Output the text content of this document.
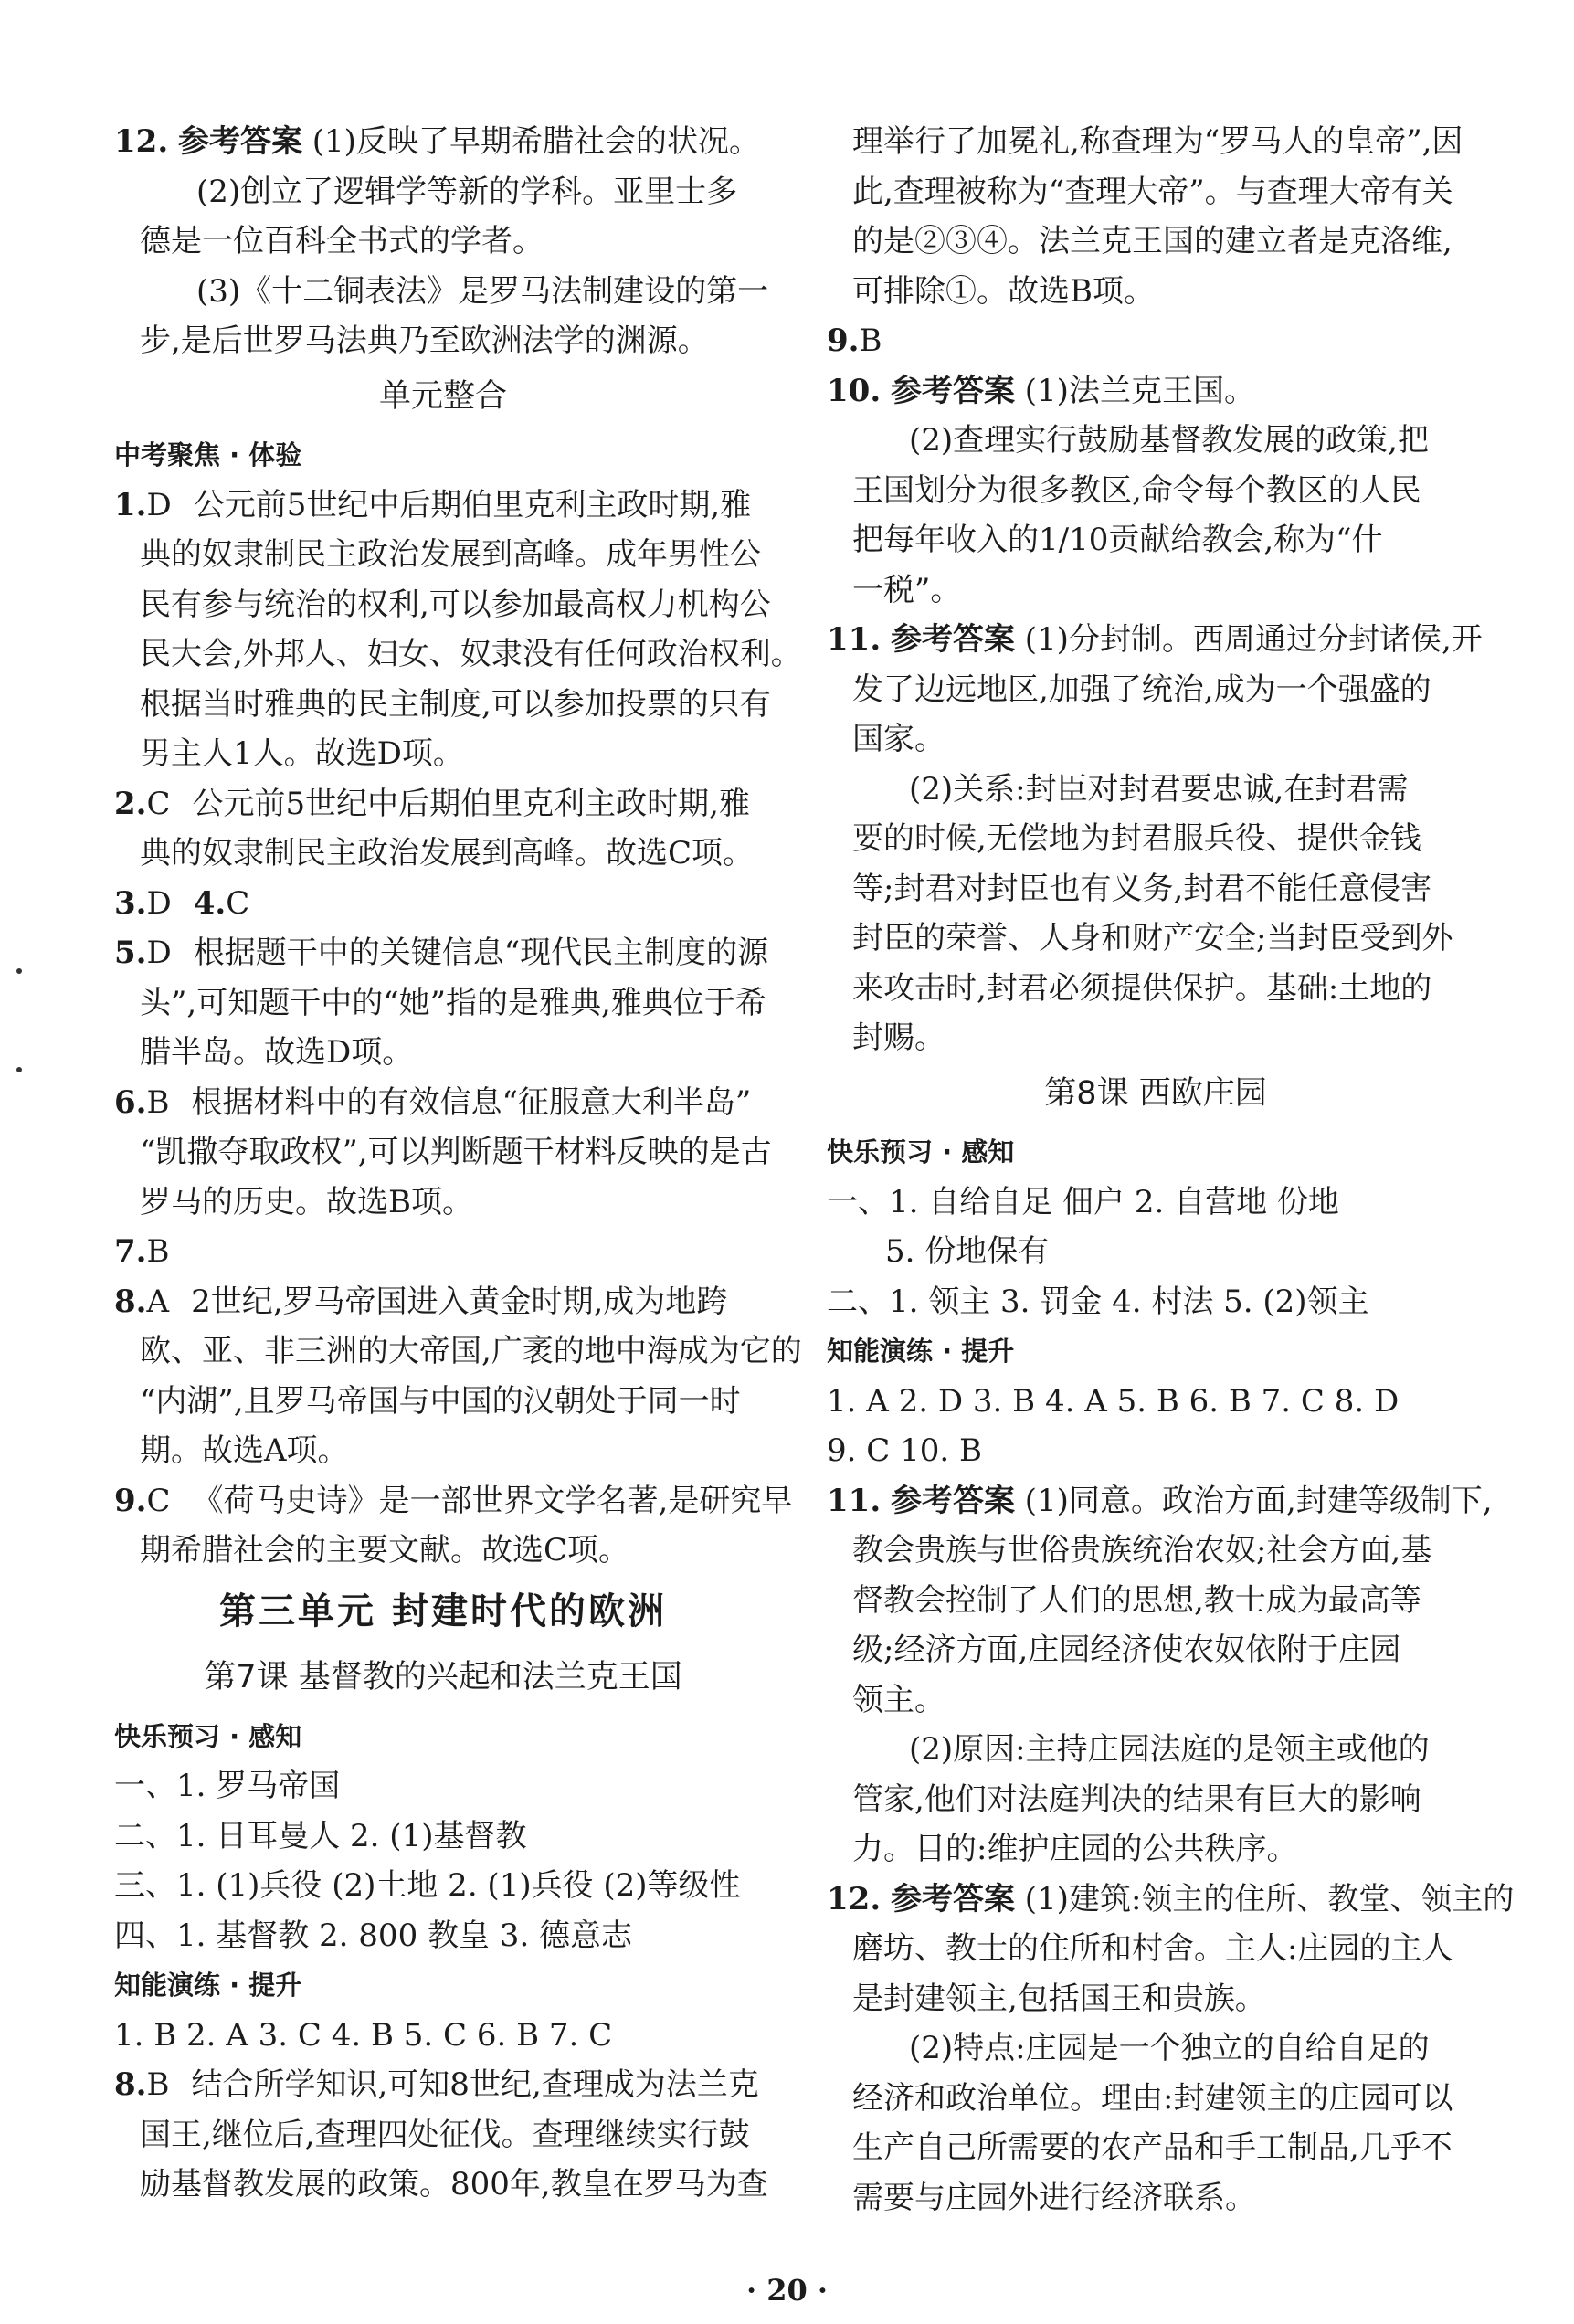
12. 参考答案 (1)反映了早期希腊社会的状况。
(2)创立了逻辑学等新的学科。亚里士多
德是一位百科全书式的学者。
(3)《十二铜表法》是罗马法制建设的第一
步,是后世罗马法典乃至欧洲法学的渊源。
单元整合
中考聚焦 · 体验
1.D 公元前5世纪中后期伯里克利主政时期,雅
典的奴隶制民主政治发展到高峰。成年男性公
民有参与统治的权利,可以参加最高权力机构公
民大会,外邦人、妇女、奴隶没有任何政治权利。
根据当时雅典的民主制度,可以参加投票的只有
男主人1人。故选D项。
2.C 公元前5世纪中后期伯里克利主政时期,雅
典的奴隶制民主政治发展到高峰。故选C项。
3.D 4.C
5.D 根据题干中的关键信息“现代民主制度的源
头”,可知题干中的“她”指的是雅典,雅典位于希
腊半岛。故选D项。
6.B 根据材料中的有效信息“征服意大利半岛”
“凯撒夺取政权”,可以判断题干材料反映的是古
罗马的历史。故选B项。
7.B
8.A 2世纪,罗马帝国进入黄金时期,成为地跨
欧、亚、非三洲的大帝国,广袤的地中海成为它的
“内湖”,且罗马帝国与中国的汉朝处于同一时
期。故选A项。
9.C 《荷马史诗》是一部世界文学名著,是研究早
期希腊社会的主要文献。故选C项。
第三单元 封建时代的欧洲
第7课 基督教的兴起和法兰克王国
快乐预习 · 感知
一、1. 罗马帝国
二、1. 日耳曼人 2. (1)基督教
三、1. (1)兵役 (2)土地 2. (1)兵役 (2)等级性
四、1. 基督教 2. 800 教皇 3. 德意志
知能演练 · 提升
1. B 2. A 3. C 4. B 5. C 6. B 7. C
8.B 结合所学知识,可知8世纪,查理成为法兰克
国王,继位后,查理四处征伐。查理继续实行鼓
励基督教发展的政策。800年,教皇在罗马为查
理举行了加冕礼,称查理为“罗马人的皇帝”,因
此,查理被称为“查理大帝”。与查理大帝有关
的是②③④。法兰克王国的建立者是克洛维,
可排除①。故选B项。
9.B
10. 参考答案 (1)法兰克王国。
(2)查理实行鼓励基督教发展的政策,把
王国划分为很多教区,命令每个教区的人民
把每年收入的1/10贡献给教会,称为“什
一税”。
11. 参考答案 (1)分封制。西周通过分封诸侯,开
发了边远地区,加强了统治,成为一个强盛的
国家。
(2)关系:封臣对封君要忠诚,在封君需
要的时候,无偿地为封君服兵役、提供金钱
等;封君对封臣也有义务,封君不能任意侵害
封臣的荣誉、人身和财产安全;当封臣受到外
来攻击时,封君必须提供保护。基础:土地的
封赐。
第8课 西欧庄园
快乐预习 · 感知
一、1. 自给自足 佃户 2. 自营地 份地
5. 份地保有
二、1. 领主 3. 罚金 4. 村法 5. (2)领主
知能演练 · 提升
1. A 2. D 3. B 4. A 5. B 6. B 7. C 8. D
9. C 10. B
11. 参考答案 (1)同意。政治方面,封建等级制下,
教会贵族与世俗贵族统治农奴;社会方面,基
督教会控制了人们的思想,教士成为最高等
级;经济方面,庄园经济使农奴依附于庄园
领主。
(2)原因:主持庄园法庭的是领主或他的
管家,他们对法庭判决的结果有巨大的影响
力。目的:维护庄园的公共秩序。
12. 参考答案 (1)建筑:领主的住所、教堂、领主的
磨坊、教士的住所和村舍。主人:庄园的主人
是封建领主,包括国王和贵族。
(2)特点:庄园是一个独立的自给自足的
经济和政治单位。理由:封建领主的庄园可以
生产自己所需要的农产品和手工制品,几乎不
需要与庄园外进行经济联系。
· 20 ·
